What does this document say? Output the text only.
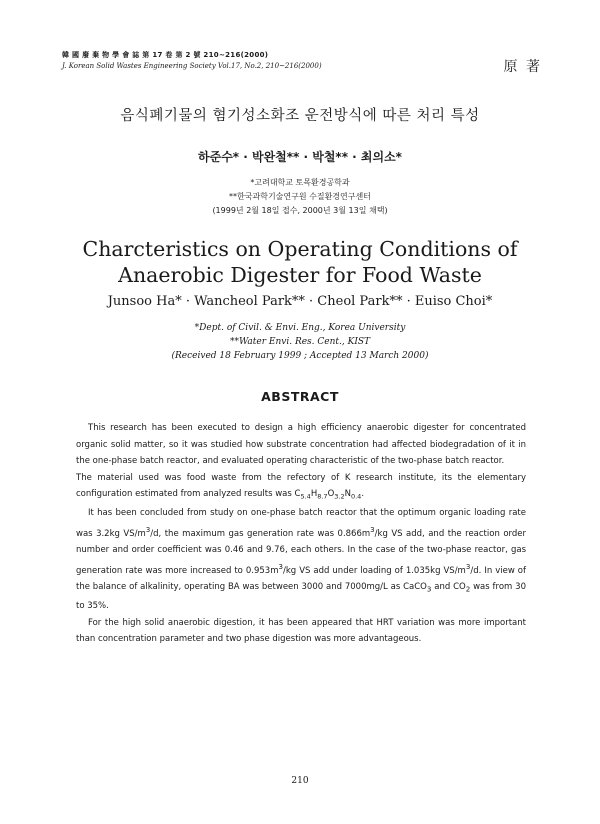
韓 國 廢 棄 物 學 會 誌 第 17 卷 第 2 號 210~216(2000)
J. Korean Solid Wastes Engineering Society Vol.17, No.2, 210~216(2000)	原 著
음식폐기물의 혐기성소화조 운전방식에 따른 처리 특성
하준수* · 박완철** · 박철** · 최의소*
*고려대학교 토목환경공학과
**한국과학기술연구원 수질환경연구센터
(1999년 2월 18일 접수, 2000년 3월 13일 채택)
Charcteristics on Operating Conditions of
Anaerobic Digester for Food Waste
Junsoo Ha* · Wancheol Park** · Cheol Park** · Euiso Choi*
*Dept. of Civil. & Envi. Eng., Korea University
**Water Envi. Res. Cent., KIST
(Received 18 February 1999 ; Accepted 13 March 2000)
ABSTRACT

This research has been executed to design a high efficiency anaerobic digester for concentrated organic solid matter, so it was studied how substrate concentration had affected biodegradation of it in the one-phase batch reactor, and evaluated operating characteristic of the two-phase batch reactor.

The material used was food waste from the refectory of K research institute, its the elementary configuration estimated from analyzed results was $C_{5.4}H_{8.7}O_{3.2}N_{0.4}$.

It has been concluded from study on one-phase batch reactor that the optimum organic loading rate was 3.2kg $VS/m^3/d$, the maximum gas generation rate was $0.866m^3/kg$ VS add, and the reaction order number and order coefficient was 0.46 and 9.76, each others. In the case of the two-phase reactor, gas generation rate was more increased to $0.953m^3/kg$ VS add under loading of 1.035kg $VS/m^3/d$. In view of the balance of alkalinity, operating BA was between 3000 and 7000mg/L as CaCO$_3$ and $CO_2$ was from 30 to 35%.

For the high solid anaerobic digestion, it has been appeared that HRT variation was more important than concentration parameter and two phase digestion was more advantageous.

210
